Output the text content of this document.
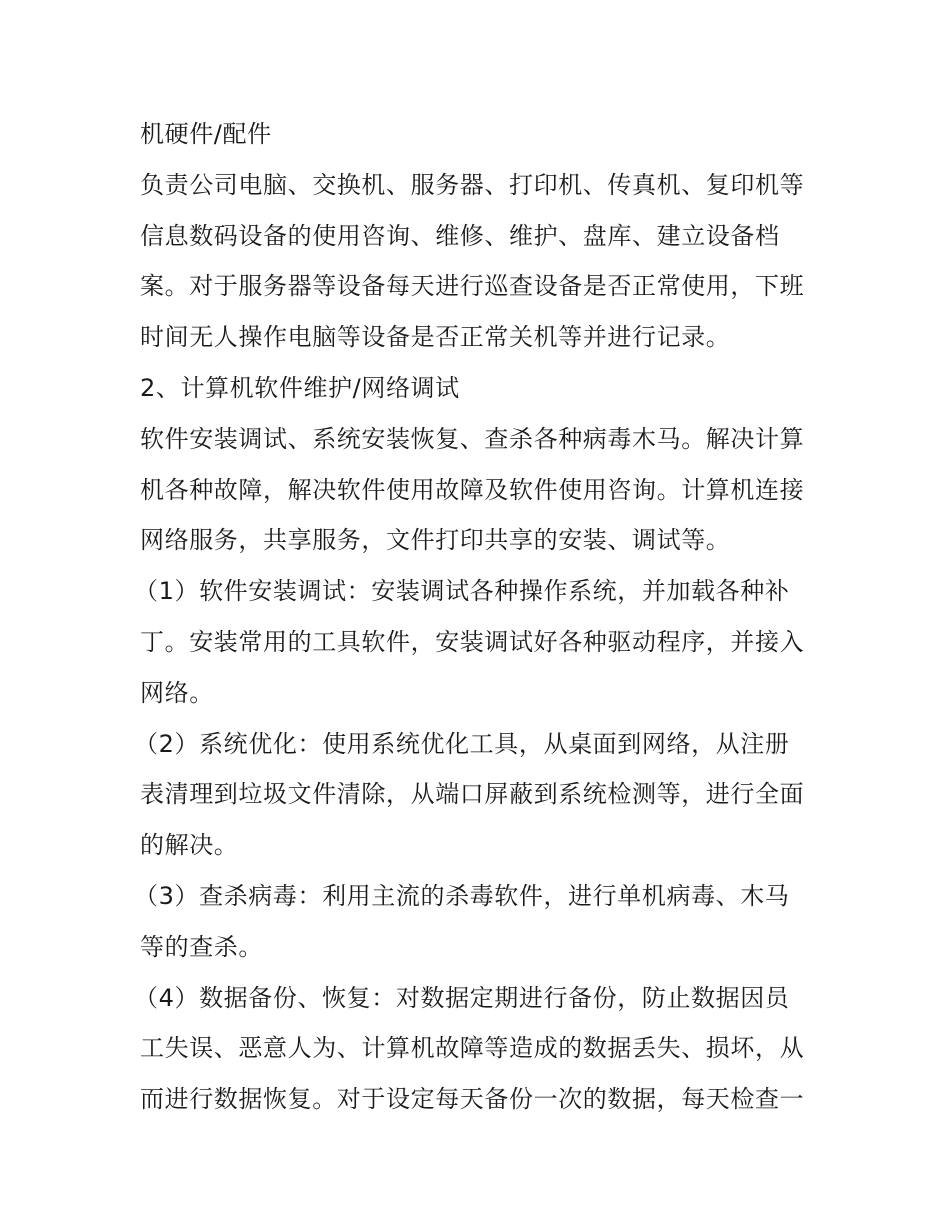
机硬件/配件

负责公司电脑、交换机、服务器、打印机、传真机、复印机等

信息数码设备的使用咨询、维修、维护、盘库、建立设备档

案。对于服务器等设备每天进行巡查设备是否正常使用，下班

时间无人操作电脑等设备是否正常关机等并进行记录。

2、计算机软件维护/网络调试

软件安装调试、系统安装恢复、查杀各种病毒木马。解决计算

机各种故障，解决软件使用故障及软件使用咨询。计算机连接

网络服务，共享服务，文件打印共享的安装、调试等。

（1）软件安装调试：安装调试各种操作系统，并加载各种补

丁。安装常用的工具软件，安装调试好各种驱动程序，并接入

网络。

（2）系统优化：使用系统优化工具，从桌面到网络，从注册

表清理到垃圾文件清除，从端口屏蔽到系统检测等，进行全面

的解决。

（3）查杀病毒：利用主流的杀毒软件，进行单机病毒、木马

等的查杀。

（4）数据备份、恢复：对数据定期进行备份，防止数据因员

工失误、恶意人为、计算机故障等造成的数据丢失、损坏，从

而进行数据恢复。对于设定每天备份一次的数据，每天检查一
